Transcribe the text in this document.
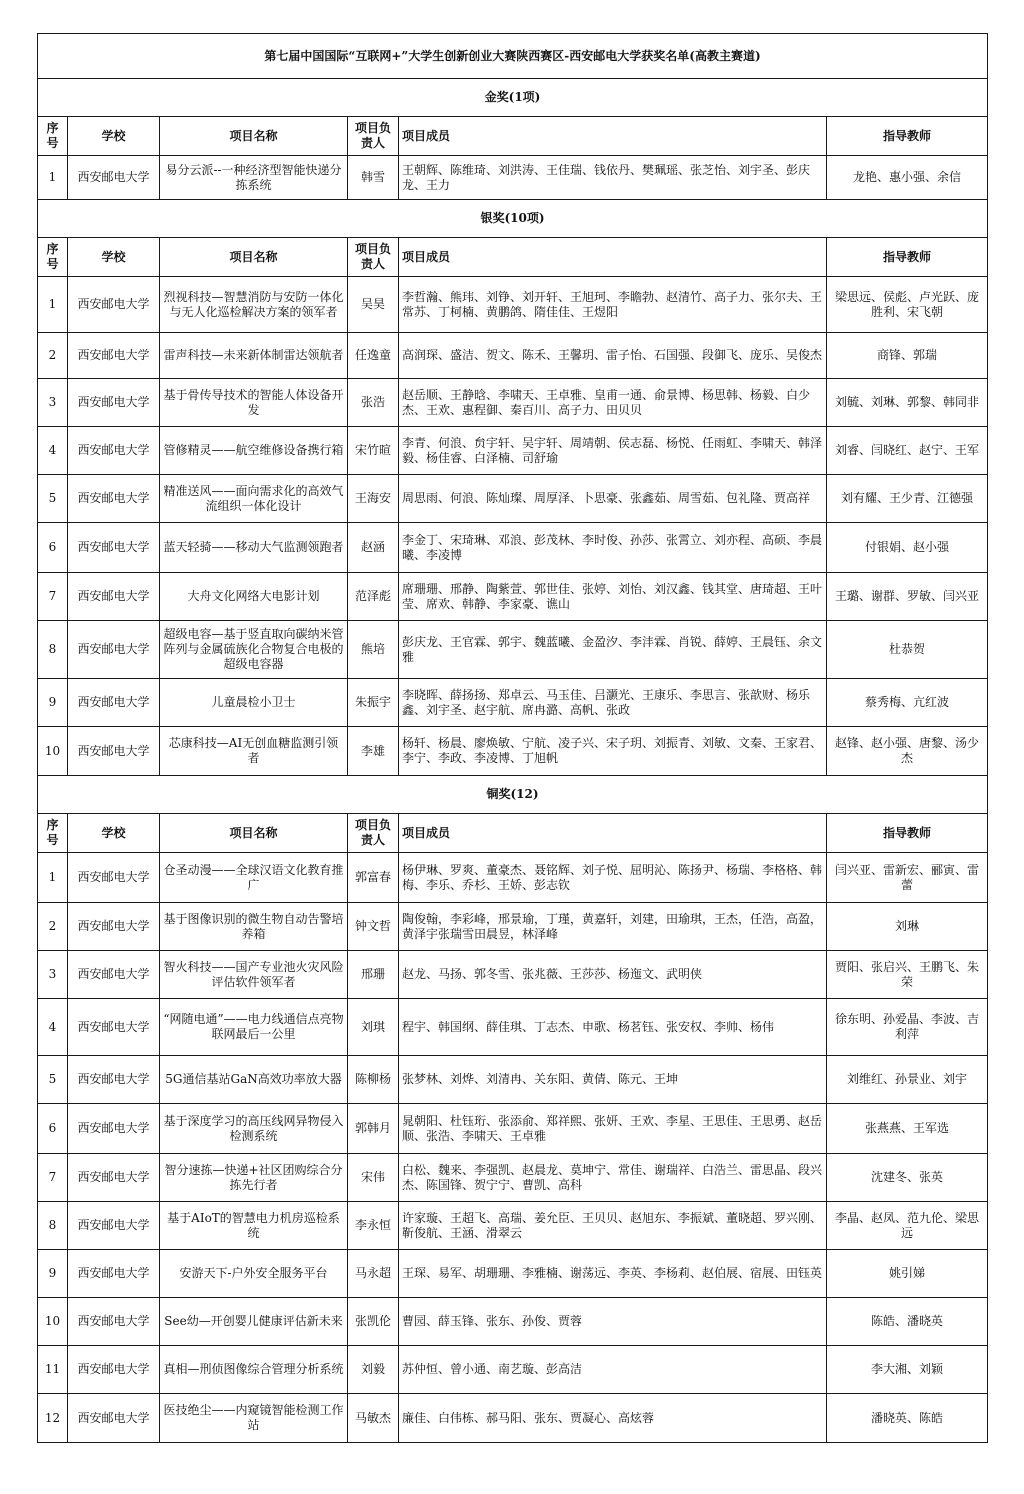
第七届中国国际“互联网+”大学生创新创业大赛陕西赛区-西安邮电大学获奖名单(高教主赛道)					
金奖(1项)					
序号	学校	项目名称	项目负责人	项目成员	指导教师
1	西安邮电大学	易分云派--一种经济型智能快递分拣系统	韩雪	王朝辉、陈维琦、刘洪涛、王佳瑞、钱依丹、樊珮瑶、张芝怡、刘宇圣、彭庆龙、王力	龙艳、惠小强、余信
银奖(10项)					
序号	学校	项目名称	项目负责人	项目成员	指导教师
1	西安邮电大学	烈视科技—智慧消防与安防一体化与无人化巡检解决方案的领军者	吴昊	李哲瀚、熊玮、刘铮、刘开轩、王旭珂、李瞻勃、赵清竹、高子力、张尔夫、王常苏、丁柯楠、黄鹏鸽、隋佳佳、王煜阳	梁思远、侯彪、卢光跃、庞胜利、宋飞朝
2	西安邮电大学	雷声科技—未来新体制雷达领航者	任逸童	高润琛、盛洁、贺文、陈禾、王馨玥、雷子怡、石国强、段御飞、庞乐、吴俊杰	商锋、郭瑞
3	西安邮电大学	基于骨传导技术的智能人体设备开发	张浩	赵岳顺、王静晗、李啸天、王卓雅、皇甫一通、俞景博、杨思韩、杨毅、白少杰、王欢、惠程御、秦百川、高子力、田贝贝	刘毓、刘琳、郭黎、韩同非
4	西安邮电大学	管修精灵——航空维修设备携行箱	宋竹暄	李青、何浪、贠宇轩、吴宇轩、周靖朝、侯志磊、杨悦、任雨虹、李啸天、韩泽毅、杨佳睿、白泽楠、司舒瑜	刘睿、闫晓红、赵宁、王军
5	西安邮电大学	精准送风——面向需求化的高效气流组织一体化设计	王海安	周思雨、何浪、陈灿璨、周厚泽、卜思豪、张鑫茹、周雪茹、包礼隆、贾高祥	刘有耀、王少青、江德强
6	西安邮电大学	蓝天轻骑——移动大气监测领跑者	赵涵	李金丁、宋琦琳、邓浪、彭茂林、李时俊、孙莎、张霄立、刘亦程、高硕、李晨曦、李凌博	付银娟、赵小强
7	西安邮电大学	大舟文化网络大电影计划	范泽彪	席珊珊、邢静、陶紫萱、郭世佳、张婷、刘怡、刘汉鑫、钱其堂、唐琦超、王叶莹、席欢、韩静、李家豪、谯山	王璐、谢群、罗敏、闫兴亚
8	西安邮电大学	超级电容—基于竖直取向碳纳米管阵列与金属硫族化合物复合电极的超级电容器	熊培	彭庆龙、王官霖、郭宇、魏蓝曦、金盈汐、李沣霖、肖锐、薛婷、王晨钰、余文雅	杜恭贺
9	西安邮电大学	儿童晨检小卫士	朱振宇	李晓晖、薛扬扬、郑卓云、马玉佳、吕灏光、王康乐、李思言、张歆财、杨乐鑫、刘宇圣、赵宇航、席冉潞、高帆、张政	蔡秀梅、亢红波
10	西安邮电大学	芯康科技—AI无创血糖监测引领者	李雄	杨轩、杨晨、廖焕敏、宁航、凌子兴、宋子玥、刘振青、刘敏、文秦、王家君、李宁、李政、李凌博、丁旭帆	赵锋、赵小强、唐黎、汤少杰
铜奖(12)					
序号	学校	项目名称	项目负责人	项目成员	指导教师
1	西安邮电大学	仓圣动漫——全球汉语文化教育推广	郭富春	杨伊琳、罗爽、董豪杰、聂铭辉、刘子悦、屈明沁、陈扬尹、杨瑞、李格格、韩梅、李乐、乔杉、王娇、彭志钦	闫兴亚、雷新宏、郦寅、雷蕾
2	西安邮电大学	基于图像识别的微生物自动告警培养箱	钟文哲	陶俊翰，李彩峰，邢景瑜，丁瑾，黄嘉轩，刘建，田瑜琪，王杰，任浩，高盈，黄泽宇张瑞雪田晨昱，林泽峰	刘琳
3	西安邮电大学	智火科技——国产专业池火灾风险评估软件领军者	邢珊	赵龙、马扬、郭冬雪、张兆薇、王莎莎、杨迤文、武明侠	贾阳、张启兴、王鹏飞、朱荣
4	西安邮电大学	“网随电通”——电力线通信点亮物联网最后一公里	刘琪	程宇、韩国纲、薛佳琪、丁志杰、申歌、杨茗钰、张安权、李帅、杨伟	徐东明、孙爱晶、李波、吉利萍
5	西安邮电大学	5G通信基站GaN高效功率放大器	陈柳杨	张梦林、刘烨、刘清冉、关东阳、黄倩、陈元、王坤	刘维红、孙景业、刘宇
6	西安邮电大学	基于深度学习的高压线网异物侵入检测系统	郭韩月	晁朝阳、杜钰珩、张添俞、郑祥熙、张妍、王欢、李星、王思佳、王思勇、赵岳顺、张浩、李啸天、王卓雅	张燕燕、王军选
7	西安邮电大学	智分速拣—快递+社区团购综合分拣先行者	宋伟	白松、魏来、李强凯、赵晨龙、莫坤宁、常佳、谢瑞祥、白浩兰、雷思晶、段兴杰、陈国锋、贺宁宁、曹凯、高科	沈建冬、张英
8	西安邮电大学	基于AIoT的智慧电力机房巡检系统	李永恒	许家璇、王超飞、高瑞、姜允臣、王贝贝、赵旭东、李振斌、董晓超、罗兴刚、靳俊航、王涵、滑翠云	李晶、赵凤、范九伦、梁思远
9	西安邮电大学	安游天下-户外安全服务平台	马永超	王琛、易军、胡珊珊、李雅楠、谢荡远、李英、李杨莉、赵伯展、宿展、田钰英	姚引娣
10	西安邮电大学	See幼—开创婴儿健康评估新未来	张凯伦	曹园、薛玉锋、张东、孙俊、贾蓉	陈皓、潘晓英
11	西安邮电大学	真相—刑侦图像综合管理分析系统	刘毅	苏仲恒、曾小通、南艺璇、彭高洁	李大湘、刘颖
12	西安邮电大学	医技绝尘——内窥镜智能检测工作站	马敏杰	廉佳、白伟栋、郝马阳、张东、贾凝心、高炫蓉	潘晓英、陈皓
